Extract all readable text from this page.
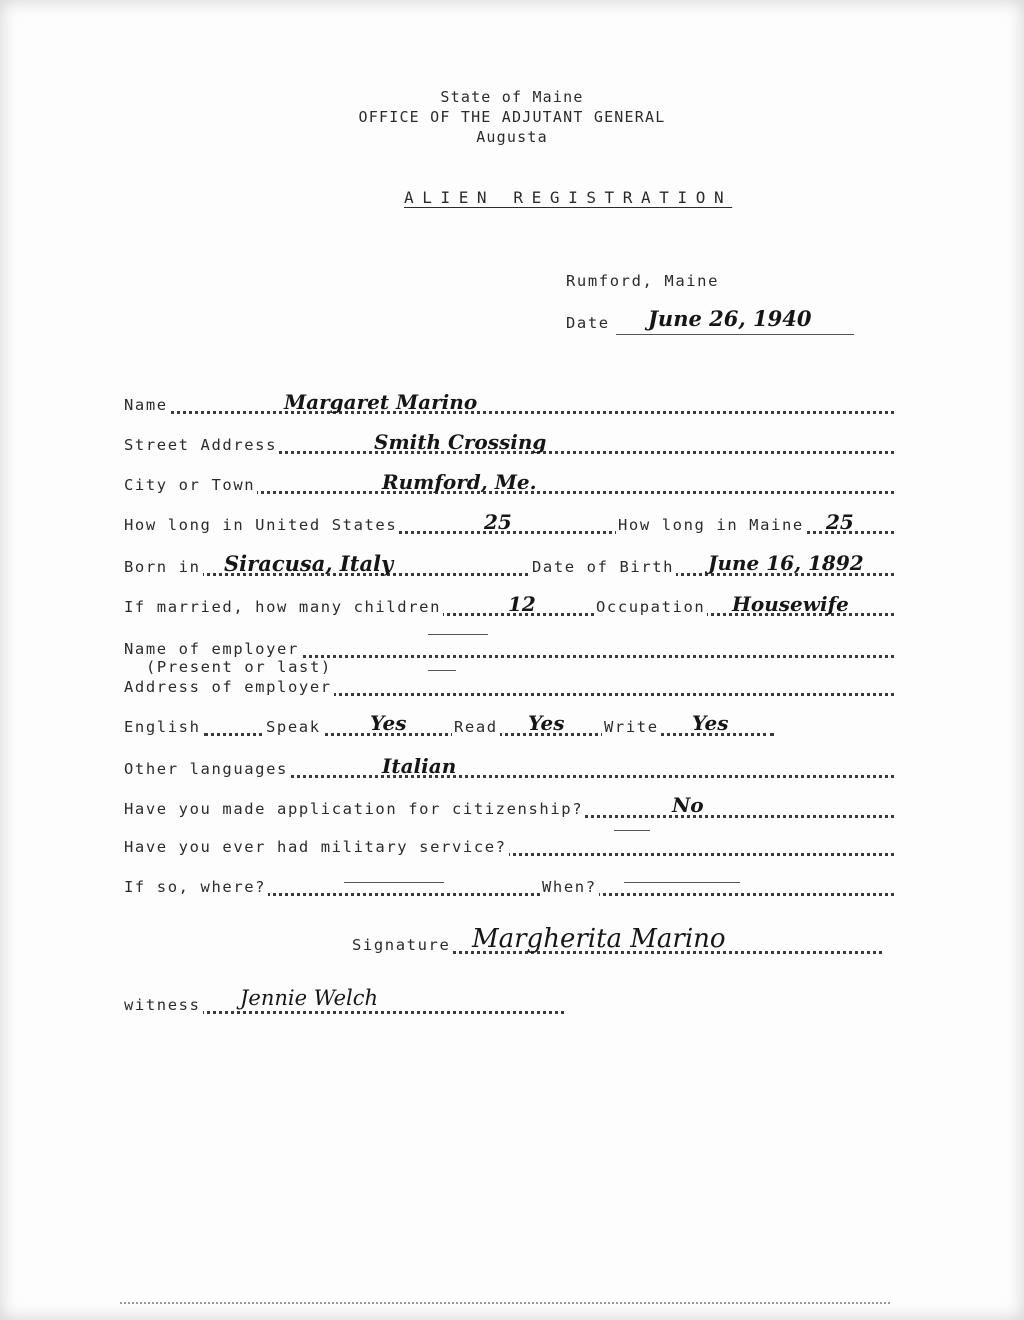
State of Maine
OFFICE OF THE ADJUTANT GENERAL
Augusta
ALIEN REGISTRATION
Rumford, Maine
Date June 26, 1940
Name	Margaret Marino
Street Address	Smith Crossing
City or Town	Rumford, Me.
How long in United States	25	How long in Maine 25
Born in Siracusa, Italy	Date of Birth June 16, 1892
If married, how many children	12	Occupation Housewife
Name of employer
(Present or last)
Address of employer
English	Speak Yes	Read Yes	Write Yes
Other languages	Italian
Have you made application for citizenship?	No
Have you ever had military service?
If so, where?	When?
Signature Margherita Marino
witness Jennie Welch
